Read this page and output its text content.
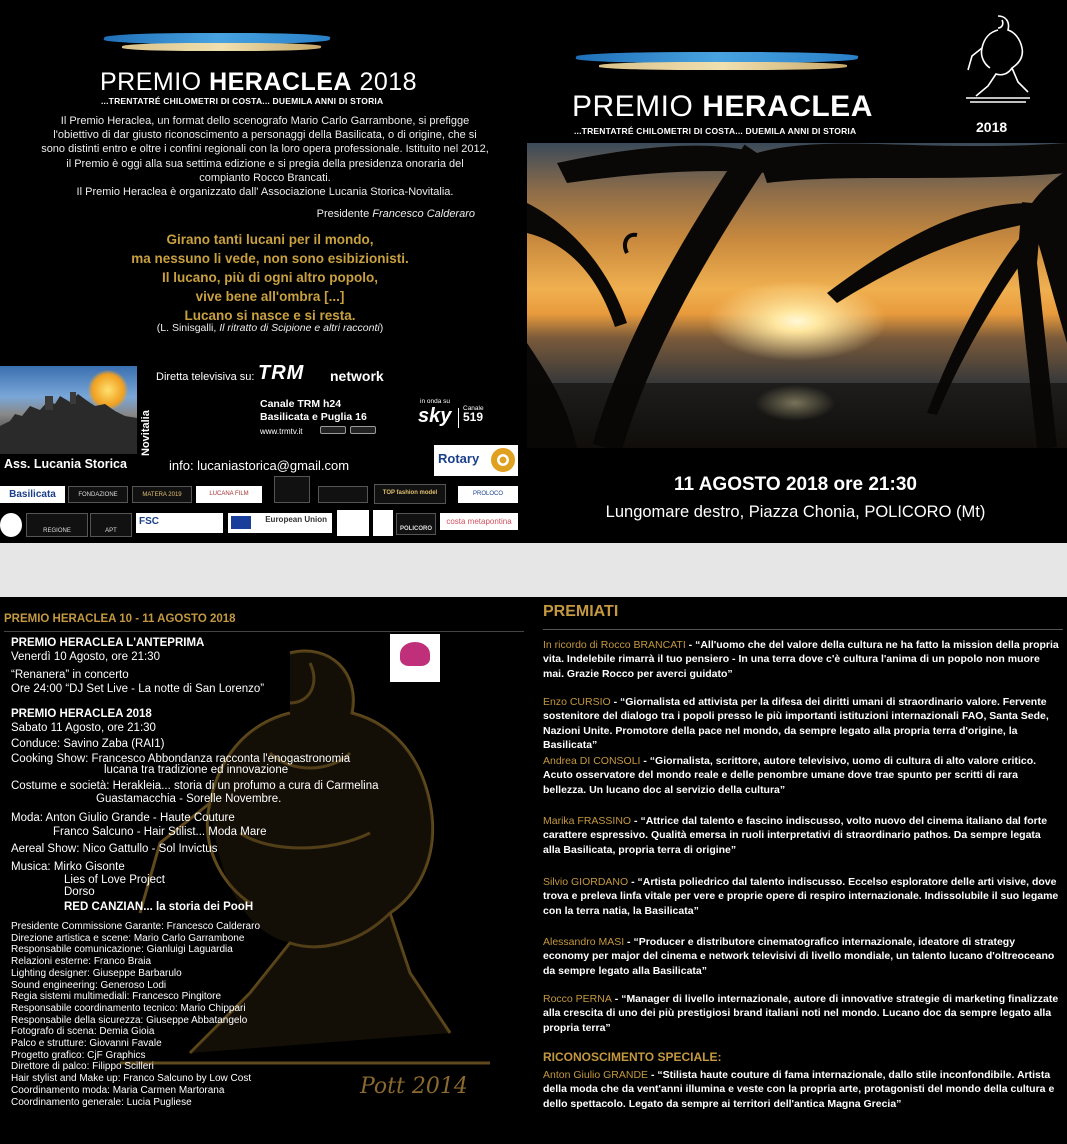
PREMIO HERACLEA 2018
...TRENTATRÉ CHILOMETRI DI COSTA... DUEMILA ANNI DI STORIA
Il Premio Heraclea, un format dello scenografo Mario Carlo Garrambone, si prefigge l'obiettivo di dar giusto riconoscimento a personaggi della Basilicata, o di origine, che si sono distinti entro e oltre i confini regionali con la loro opera professionale. Istituito nel 2012, il Premio è oggi alla sua settima edizione e si pregia della presidenza onoraria del compianto Rocco Brancati.
Il Premio Heraclea è organizzato dall' Associazione Lucania Storica-Novitalia.
Presidente Francesco Calderaro
Girano tanti lucani per il mondo,
ma nessuno li vede, non sono esibizionisti.
Il lucano, più di ogni altro popolo,
vive bene all'ombra [...]
Lucano si nasce e si resta.
(L. Sinisgalli, Il ritratto di Scipione e altri racconti)
Novitalia
Ass. Lucania Storica
Diretta televisiva su: TRM network
Canale TRM h24
Basilicata e Puglia 16
www.trmtv.it
in onda su
sky Canale
519
info: lucaniastorica@gmail.com	Rotary
Basilicata	FONDAZIONE	MATERA 2019	LUCANA FILM	TOP fashion model	PROLOCO
REGIONE	APT
FSC	European Union
POLICORO
costa metapontina
PREMIO HERACLEA
...TRENTATRÉ CHILOMETRI DI COSTA... DUEMILA ANNI DI STORIA	2018
11 AGOSTO 2018 ore 21:30
Lungomare destro, Piazza Chonia, POLICORO (Mt)
Pott 2014
PREMIO HERACLEA 10 - 11 AGOSTO 2018
PREMIO HERACLEA L'ANTEPRIMA
Venerdì 10 Agosto, ore 21:30
“Renanera” in concerto
Ore 24:00 “DJ Set Live - La notte di San Lorenzo”
PREMIO HERACLEA 2018
Sabato 11 Agosto, ore 21:30
Conduce: Savino Zaba (RAI1)
Cooking Show: Francesco Abbondanza racconta l'enogastronomia
lucana tra tradizione ed innovazione
Costume e società: Herakleia... storia di un profumo a cura di Carmelina
Guastamacchia - Sorelle Novembre.
Moda: Anton Giulio Grande - Haute Couture
Franco Salcuno - Hair Stilist... Moda Mare
Aereal Show: Nico Gattullo - Sol Invictus
Musica: Mirko Gisonte
Lies of Love Project
Dorso
RED CANZIAN... la storia dei PooH
Presidente Commissione Garante: Francesco Calderaro
Direzione artistica e scene: Mario Carlo Garrambone
Responsabile comunicazione: Gianluigi Laguardia
Relazioni esterne: Franco Braia
Lighting designer: Giuseppe Barbarulo
Sound engineering: Generoso Lodi
Regia sistemi multimediali: Francesco Pingitore
Responsabile coordinamento tecnico: Mario Chippari
Responsabile della sicurezza: Giuseppe Abbatangelo
Fotografo di scena: Demia Gioia
Palco e strutture: Giovanni Favale
Progetto grafico: CjF Graphics
Direttore di palco: Filippo Scilleri
Hair stylist and Make up: Franco Salcuno by Low Cost
Coordinamento moda: Maria Carmen Martorana
Coordinamento generale: Lucia Pugliese
PREMIATI
In ricordo di Rocco BRANCATI - “All'uomo che del valore della cultura ne ha fatto la mission della propria vita. Indelebile rimarrà il tuo pensiero - In una terra dove c'è cultura l'anima di un popolo non muore mai. Grazie Rocco per averci guidato”
Enzo CURSIO - “Giornalista ed attivista per la difesa dei diritti umani di straordinario valore. Fervente sostenitore del dialogo tra i popoli presso le più importanti istituzioni internazionali FAO, Santa Sede, Nazioni Unite. Promotore della pace nel mondo, da sempre legato alla propria terra d'origine, la Basilicata”
Andrea DI CONSOLI - “Giornalista, scrittore, autore televisivo, uomo di cultura di alto valore critico. Acuto osservatore del mondo reale e delle penombre umane dove trae spunto per scritti di rara bellezza. Un lucano doc al servizio della cultura”
Marika FRASSINO - “Attrice dal talento e fascino indiscusso, volto nuovo del cinema italiano dal forte carattere espressivo. Qualità emersa in ruoli interpretativi di straordinario pathos. Da sempre legata alla Basilicata, propria terra di origine”
Silvio GIORDANO - “Artista poliedrico dal talento indiscusso. Eccelso esploratore delle arti visive, dove trova e preleva linfa vitale per vere e proprie opere di respiro internazionale. Indissolubile il suo legame con la terra natia, la Basilicata”
Alessandro MASI - “Producer e distributore cinematografico internazionale, ideatore di strategy economy per major del cinema e network televisivi di livello mondiale, un talento lucano d'oltreoceano da sempre legato alla Basilicata”
Rocco PERNA - “Manager di livello internazionale, autore di innovative strategie di marketing finalizzate alla crescita di uno dei più prestigiosi brand italiani noti nel mondo. Lucano doc da sempre legato alla propria terra”
RICONOSCIMENTO SPECIALE:
Anton Giulio GRANDE - “Stilista haute couture di fama internazionale, dallo stile inconfondibile. Artista della moda che da vent'anni illumina e veste con la propria arte, protagonisti del mondo della cultura e dello spettacolo. Legato da sempre ai territori dell'antica Magna Grecia”
